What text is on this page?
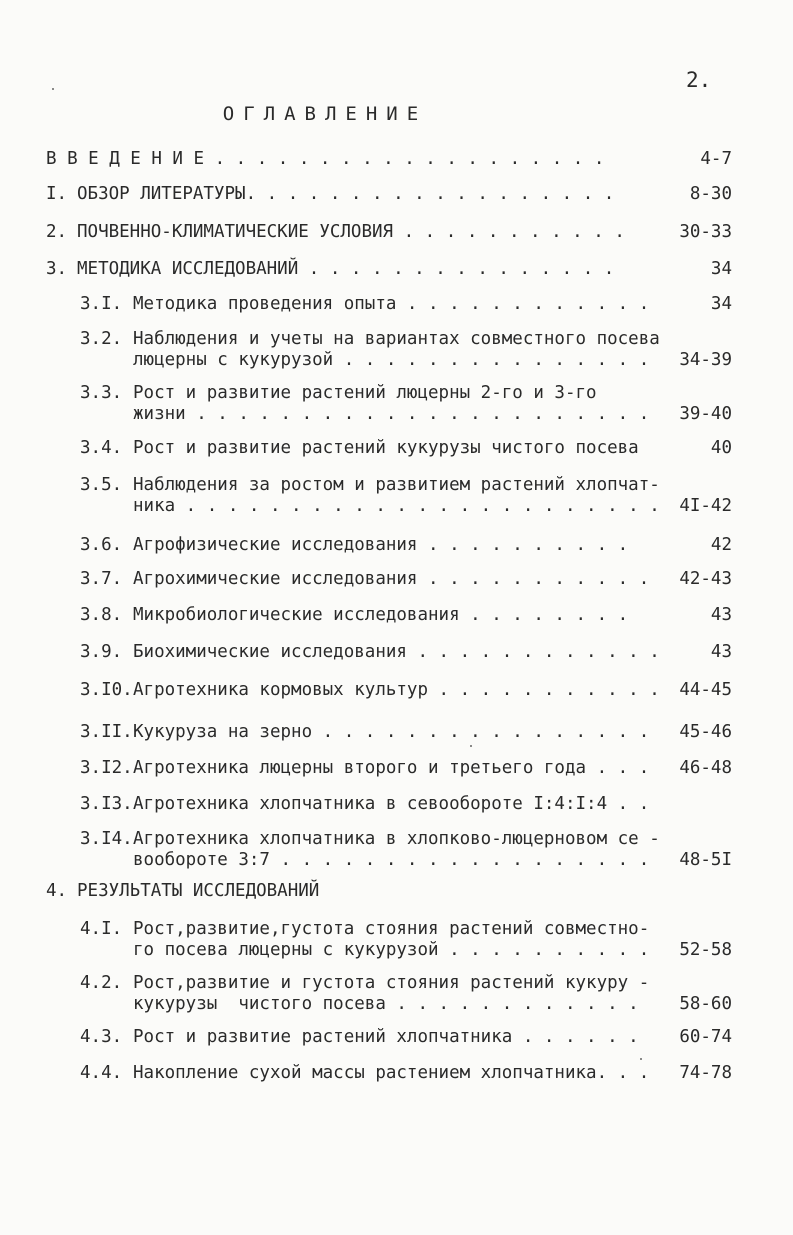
2.
ОГЛАВЛЕНИЕ
В В Е Д Е Н И Е . . . . . . . . . . . . . . . . . . .	4-7
I. ОБЗОР ЛИТЕРАТУРЫ. . . . . . . . . . . . . . . . . .	8-30
2. ПОЧВЕННО-КЛИМАТИЧЕСКИЕ УСЛОВИЯ . . . . . . . . . . .	30-33
3. МЕТОДИКА ИССЛЕДОВАНИЙ . . . . . . . . . . . . . . .	34
3.I. Методика проведения опыта . . . . . . . . . . . .	34
3.2. Наблюдения и учеты на вариантах совместного посева
люцерны с кукурузой . . . . . . . . . . . . . . . 34-39
3.3. Рост и развитие растений люцерны 2-го и 3-го
жизни . . . . . . . . . . . . . . . . . . . . . . 39-40
3.4. Рост и развитие растений кукурузы чистого посева	40
3.5. Наблюдения за ростом и развитием растений хлопчат-
ника . . . . . . . . . . . . . . . . . . . . . . . 4I-42
3.6. Агрофизические исследования . . . . . . . . . .	42
3.7. Агрохимические исследования . . . . . . . . . . . 42-43
3.8. Микробиологические исследования . . . . . . . .	43
3.9. Биохимические исследования . . . . . . . . . . . .	43
3.I0. Агротехника кормовых культур . . . . . . . . . . . 44-45
3.II. Кукуруза на зерно . . . . . . . . . . . . . . . . 45-46
3.I2. Агротехника люцерны второго и третьего года . . . 46-48
3.I3. Агротехника хлопчатника в севообороте I:4:I:4 . .
3.I4. Агротехника хлопчатника в хлопково-люцерновом се -
вообороте 3:7 . . . . . . . . . . . . . . . . . . 48-5I
4. РЕЗУЛЬТАТЫ ИССЛЕДОВАНИЙ
4.I. Рост,развитие,густота стояния растений совместно-
го посева люцерны с кукурузой . . . . . . . . . . 52-58
4.2. Рост,развитие и густота стояния растений кукуру -
кукурузы  чистого посева . . . . . . . . . . . . 58-60
4.3. Рост и развитие растений хлопчатника . . . . . . 60-74
4.4. Накопление сухой массы растением хлопчатника. . . 74-78
